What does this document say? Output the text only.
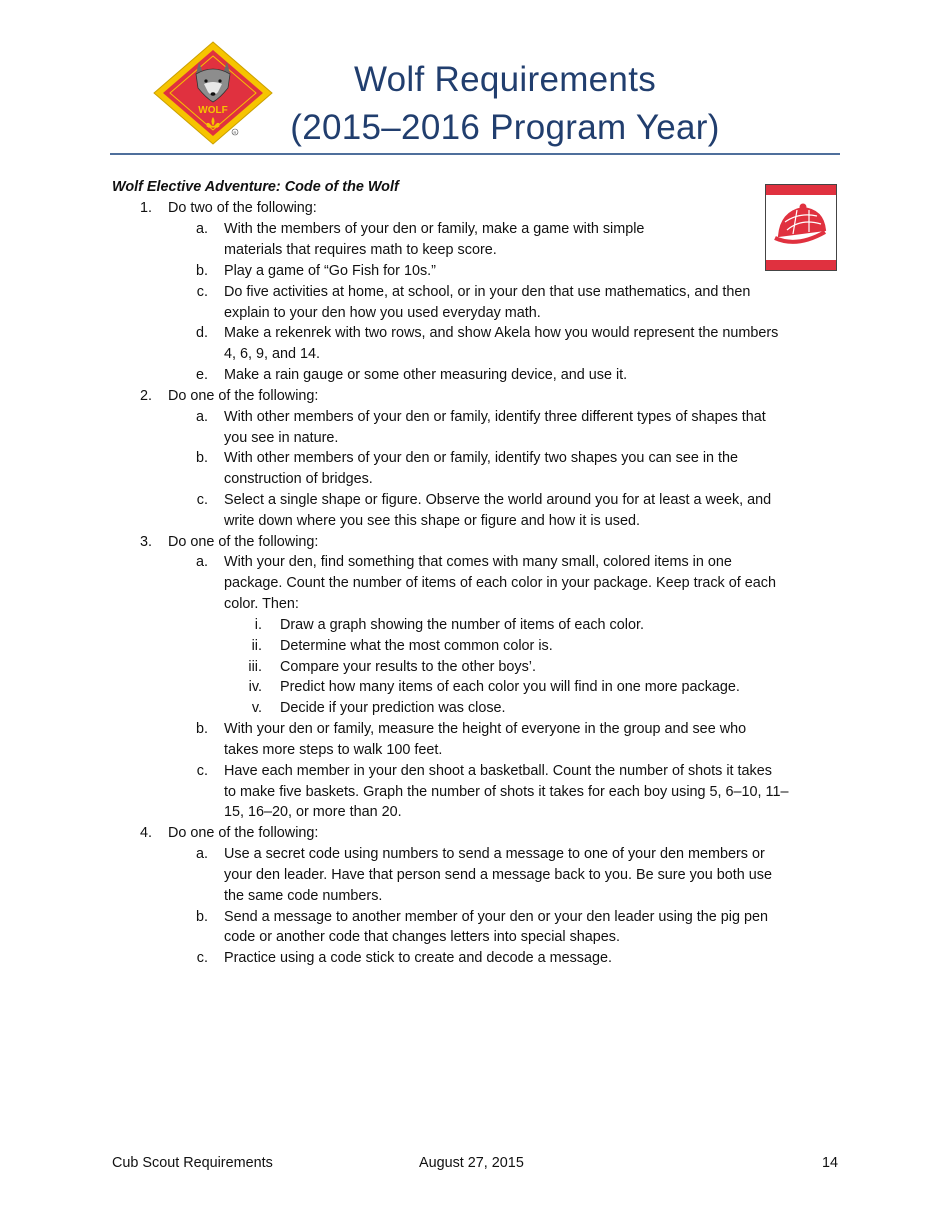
WOLF
R
Wolf Requirements
(2015–2016 Program Year)
Wolf Elective Adventure: Code of the Wolf
1. Do two of the following:
a. With the members of your den or family, make a game with simple
materials that requires math to keep score.
b. Play a game of “Go Fish for 10s.”
c. Do five activities at home, at school, or in your den that use mathematics, and then
explain to your den how you used everyday math.
d. Make a rekenrek with two rows, and show Akela how you would represent the numbers
4, 6, 9, and 14.
e. Make a rain gauge or some other measuring device, and use it.
2. Do one of the following:
a. With other members of your den or family, identify three different types of shapes that
you see in nature.
b. With other members of your den or family, identify two shapes you can see in the
construction of bridges.
c. Select a single shape or figure. Observe the world around you for at least a week, and
write down where you see this shape or figure and how it is used.
3. Do one of the following:
a. With your den, find something that comes with many small, colored items in one
package. Count the number of items of each color in your package. Keep track of each
color. Then:
i. Draw a graph showing the number of items of each color.
ii. Determine what the most common color is.
iii. Compare your results to the other boys’.
iv. Predict how many items of each color you will find in one more package.
v. Decide if your prediction was close.
b. With your den or family, measure the height of everyone in the group and see who
takes more steps to walk 100 feet.
c. Have each member in your den shoot a basketball. Count the number of shots it takes
to make five baskets. Graph the number of shots it takes for each boy using 5, 6–10, 11–
15, 16–20, or more than 20.
4. Do one of the following:
a. Use a secret code using numbers to send a message to one of your den members or
your den leader. Have that person send a message back to you. Be sure you both use
the same code numbers.
b. Send a message to another member of your den or your den leader using the pig pen
code or another code that changes letters into special shapes.
c. Practice using a code stick to create and decode a message.
Cub Scout Requirements	August 27, 2015	14
